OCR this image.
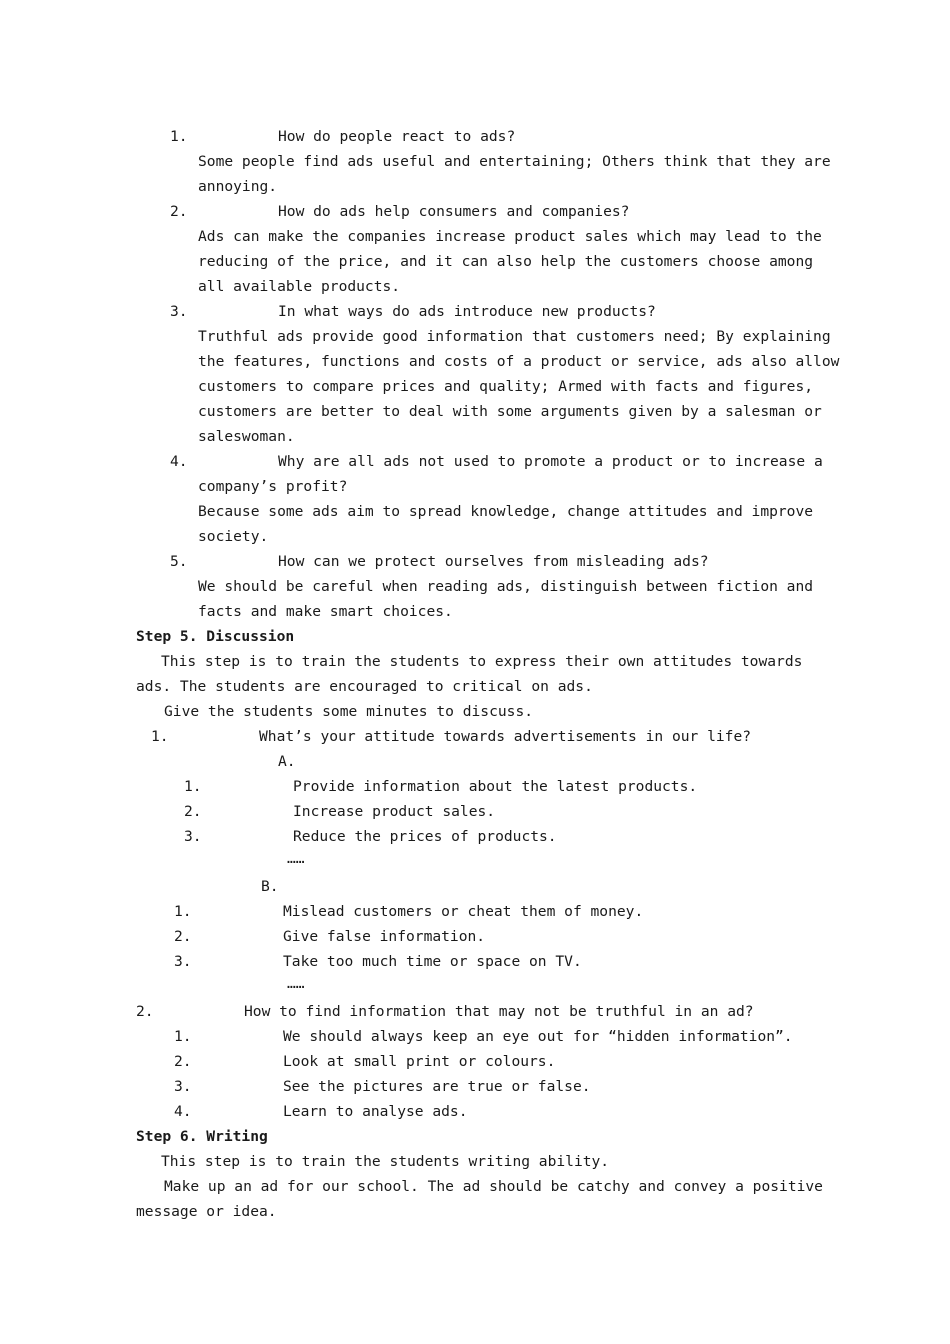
1.	How do people react to ads?
Some people find ads useful and entertaining; Others think that they are
annoying.
2.	How do ads help consumers and companies?
Ads can make the companies increase product sales which may lead to the
reducing of the price, and it can also help the customers choose among
all available products.
3.	In what ways do ads introduce new products?
Truthful ads provide good information that customers need; By explaining
the features, functions and costs of a product or service, ads also allow
customers to compare prices and quality; Armed with facts and figures,
customers are better to deal with some arguments given by a salesman or
saleswoman.
4.	Why are all ads not used to promote a product or to increase a
company’s profit?
Because some ads aim to spread knowledge, change attitudes and improve
society.
5.	How can we protect ourselves from misleading ads?
We should be careful when reading ads, distinguish between fiction and
facts and make smart choices.
Step 5. Discussion
This step is to train the students to express their own attitudes towards
ads. The students are encouraged to critical on ads.
Give the students some minutes to discuss.
1.	What’s your attitude towards advertisements in our life?
A.
1.	Provide information about the latest products.
2.	Increase product sales.
3.	Reduce the prices of products.
……
B.
1.	Mislead customers or cheat them of money.
2.	Give false information.
3.	Take too much time or space on TV.
……
2.	How to find information that may not be truthful in an ad?
1.	We should always keep an eye out for “hidden information”.
2.	Look at small print or colours.
3.	See the pictures are true or false.
4.	Learn to analyse ads.
Step 6. Writing
This step is to train the students writing ability.
Make up an ad for our school. The ad should be catchy and convey a positive
message or idea.
